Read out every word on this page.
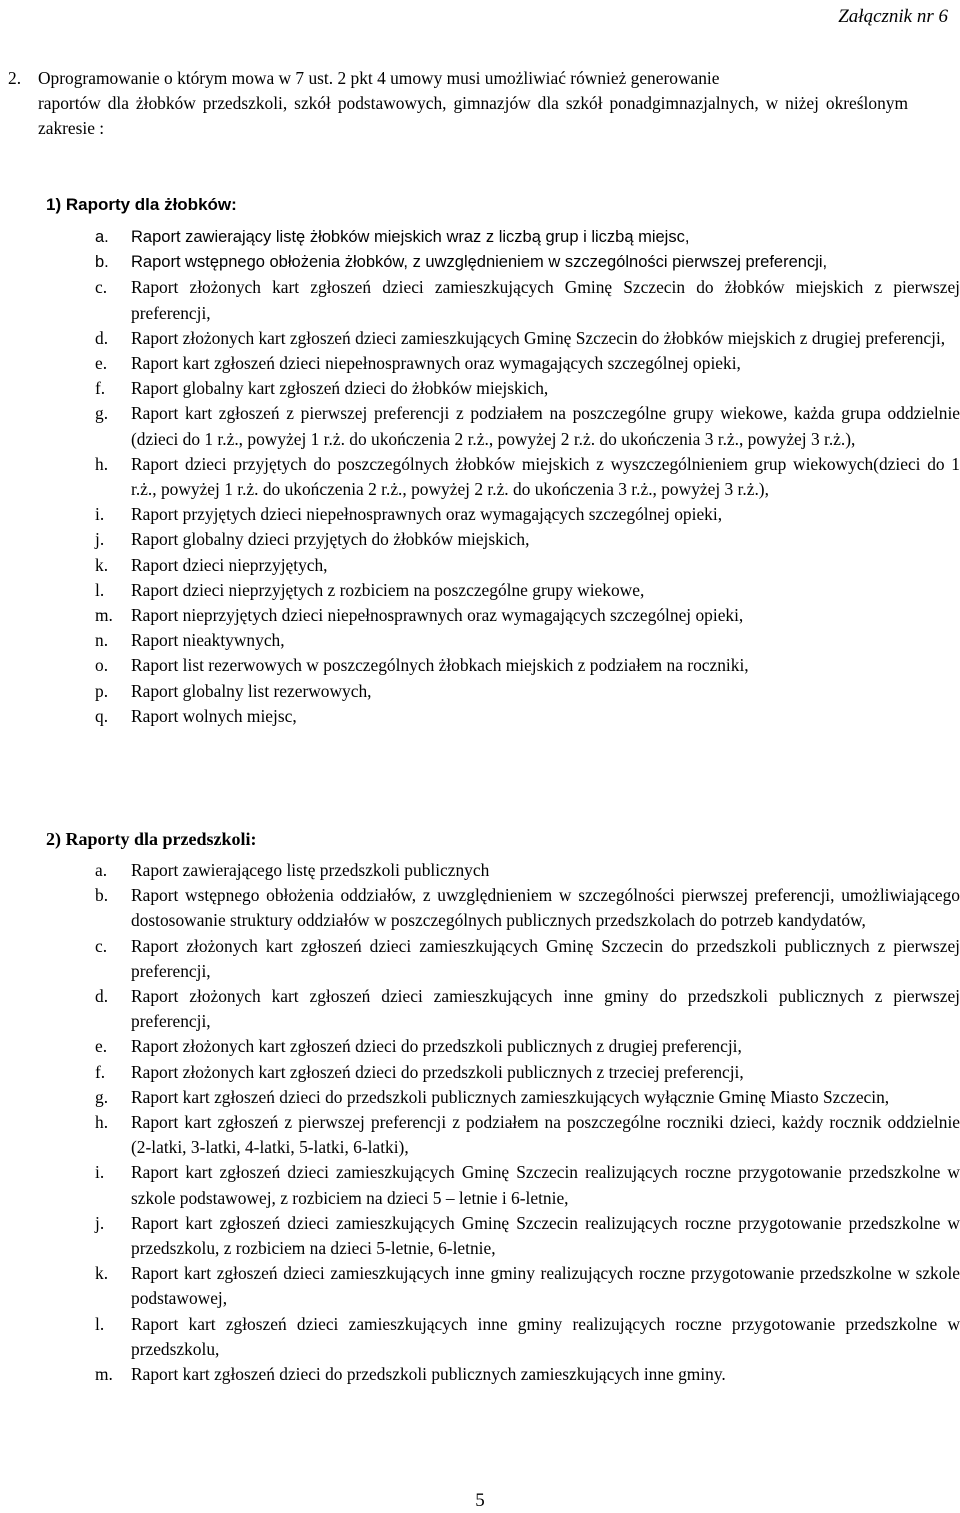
Załącznik nr 6
2. Oprogramowanie o którym mowa w 7 ust. 2 pkt 4 umowy musi umożliwiać również generowanie
raportów dla żłobków przedszkoli, szkół podstawowych, gimnazjów dla szkół ponadgimnazjalnych, w niżej określonym zakresie :
1) Raporty dla żłobków:
a. Raport zawierający listę żłobków miejskich wraz z liczbą grup i liczbą miejsc,
b. Raport wstępnego obłożenia żłobków, z uwzględnieniem w szczególności pierwszej preferencji,
c. Raport złożonych kart zgłoszeń dzieci zamieszkujących Gminę Szczecin do żłobków miejskich z pierwszej preferencji,
d. Raport złożonych kart zgłoszeń dzieci zamieszkujących Gminę Szczecin do żłobków miejskich z drugiej preferencji,
e. Raport kart zgłoszeń dzieci niepełnosprawnych oraz wymagających szczególnej opieki,
f. Raport globalny kart zgłoszeń dzieci do żłobków miejskich,
g. Raport kart zgłoszeń z pierwszej preferencji z podziałem na poszczególne grupy wiekowe, każda grupa oddzielnie (dzieci do 1 r.ż., powyżej 1 r.ż. do ukończenia 2 r.ż., powyżej 2 r.ż. do ukończenia 3 r.ż., powyżej 3 r.ż.),
h. Raport dzieci przyjętych do poszczególnych żłobków miejskich z wyszczególnieniem grup wiekowych(dzieci do 1 r.ż., powyżej 1 r.ż. do ukończenia 2 r.ż., powyżej 2 r.ż. do ukończenia 3 r.ż., powyżej 3 r.ż.),
i. Raport przyjętych dzieci niepełnosprawnych oraz wymagających szczególnej opieki,
j. Raport globalny dzieci przyjętych do żłobków miejskich,
k. Raport dzieci nieprzyjętych,
l. Raport dzieci nieprzyjętych z rozbiciem na poszczególne grupy wiekowe,
m. Raport nieprzyjętych dzieci niepełnosprawnych oraz wymagających szczególnej opieki,
n. Raport nieaktywnych,
o. Raport list rezerwowych w poszczególnych żłobkach miejskich z podziałem na roczniki,
p. Raport globalny list rezerwowych,
q. Raport wolnych miejsc,
2) Raporty dla przedszkoli:
a. Raport zawierającego listę przedszkoli publicznych
b. Raport wstępnego obłożenia oddziałów, z uwzględnieniem w szczególności pierwszej preferencji, umożliwiającego dostosowanie struktury oddziałów w poszczególnych publicznych przedszkolach do potrzeb kandydatów,
c. Raport złożonych kart zgłoszeń dzieci zamieszkujących Gminę Szczecin do przedszkoli publicznych z pierwszej preferencji,
d. Raport złożonych kart zgłoszeń dzieci zamieszkujących inne gminy do przedszkoli publicznych z pierwszej preferencji,
e. Raport złożonych kart zgłoszeń dzieci do przedszkoli publicznych z drugiej preferencji,
f. Raport złożonych kart zgłoszeń dzieci do przedszkoli publicznych z trzeciej preferencji,
g. Raport kart zgłoszeń dzieci do przedszkoli publicznych zamieszkujących wyłącznie Gminę Miasto Szczecin,
h. Raport kart zgłoszeń z pierwszej preferencji z podziałem na poszczególne roczniki dzieci, każdy rocznik oddzielnie (2-latki, 3-latki, 4-latki, 5-latki, 6-latki),
i. Raport kart zgłoszeń dzieci zamieszkujących Gminę Szczecin realizujących roczne przygotowanie przedszkolne w szkole podstawowej, z rozbiciem na dzieci 5 – letnie i 6-letnie,
j. Raport kart zgłoszeń dzieci zamieszkujących Gminę Szczecin realizujących roczne przygotowanie przedszkolne w przedszkolu, z rozbiciem na dzieci 5-letnie, 6-letnie,
k. Raport kart zgłoszeń dzieci zamieszkujących inne gminy realizujących roczne przygotowanie przedszkolne w szkole podstawowej,
l. Raport kart zgłoszeń dzieci zamieszkujących inne gminy realizujących roczne przygotowanie przedszkolne w przedszkolu,
m. Raport kart zgłoszeń dzieci do przedszkoli publicznych zamieszkujących inne gminy.
5
